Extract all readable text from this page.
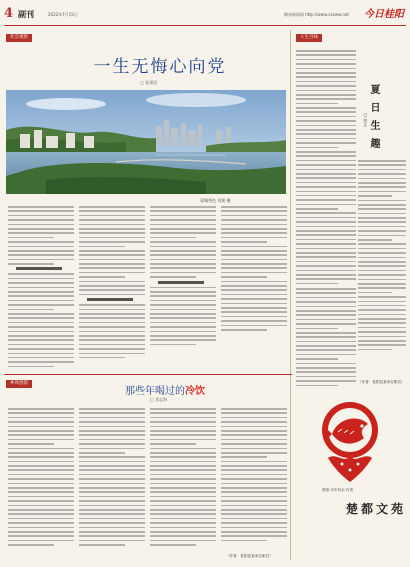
4 副刊	2022年7月15日	郴州新闻网 http://www.czxww.net 今日桂阳
社会观察
一生无悔心向党
□ 张建国
蓉城秀色 刘建 摄
人生百味
夏日生趣
□ 刘文
（作者：桂阳县某单位职员）
剪纸 年年有余 作者
楚都文苑
乡风拾韵
那些年喝过的冷饮
□ 刘志海
（作者：桂阳县某单位职员）
